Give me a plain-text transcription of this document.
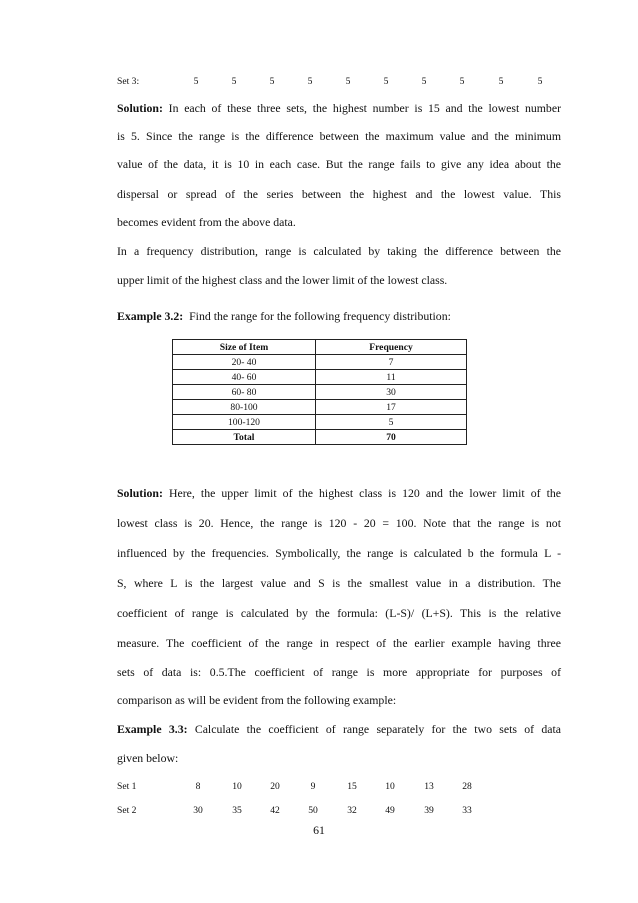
Set 3:	5	5	5	5	5	5	5	5	5	5
Solution: In each of these three sets, the highest number is 15 and the lowest number
is 5. Since the range is the difference between the maximum value and the minimum
value of the data, it is 10 in each case. But the range fails to give any idea about the
dispersal or spread of the series between the highest and the lowest value. This
becomes evident from the above data.
In a frequency distribution, range is calculated by taking the difference between the
upper limit of the highest class and the lower limit of the lowest class.
Example 3.2: Find the range for the following frequency distribution:
Size of Item	Frequency
20- 40	7
40- 60	11
60- 80	30
80-100	17
100-120	5
Total	70
Solution: Here, the upper limit of the highest class is 120 and the lower limit of the
lowest class is 20. Hence, the range is 120 - 20 = 100. Note that the range is not
influenced by the frequencies. Symbolically, the range is calculated b the formula L -
S, where L is the largest value and S is the smallest value in a distribution. The
coefficient of range is calculated by the formula: (L-S)/ (L+S). This is the relative
measure. The coefficient of the range in respect of the earlier example having three
sets of data is: 0.5.The coefficient of range is more appropriate for purposes of
comparison as will be evident from the following example:
Example 3.3: Calculate the coefficient of range separately for the two sets of data
given below:
Set 1	8	10	20	9	15	10	13	28
Set 2	30	35	42	50	32	49	39	33
61
